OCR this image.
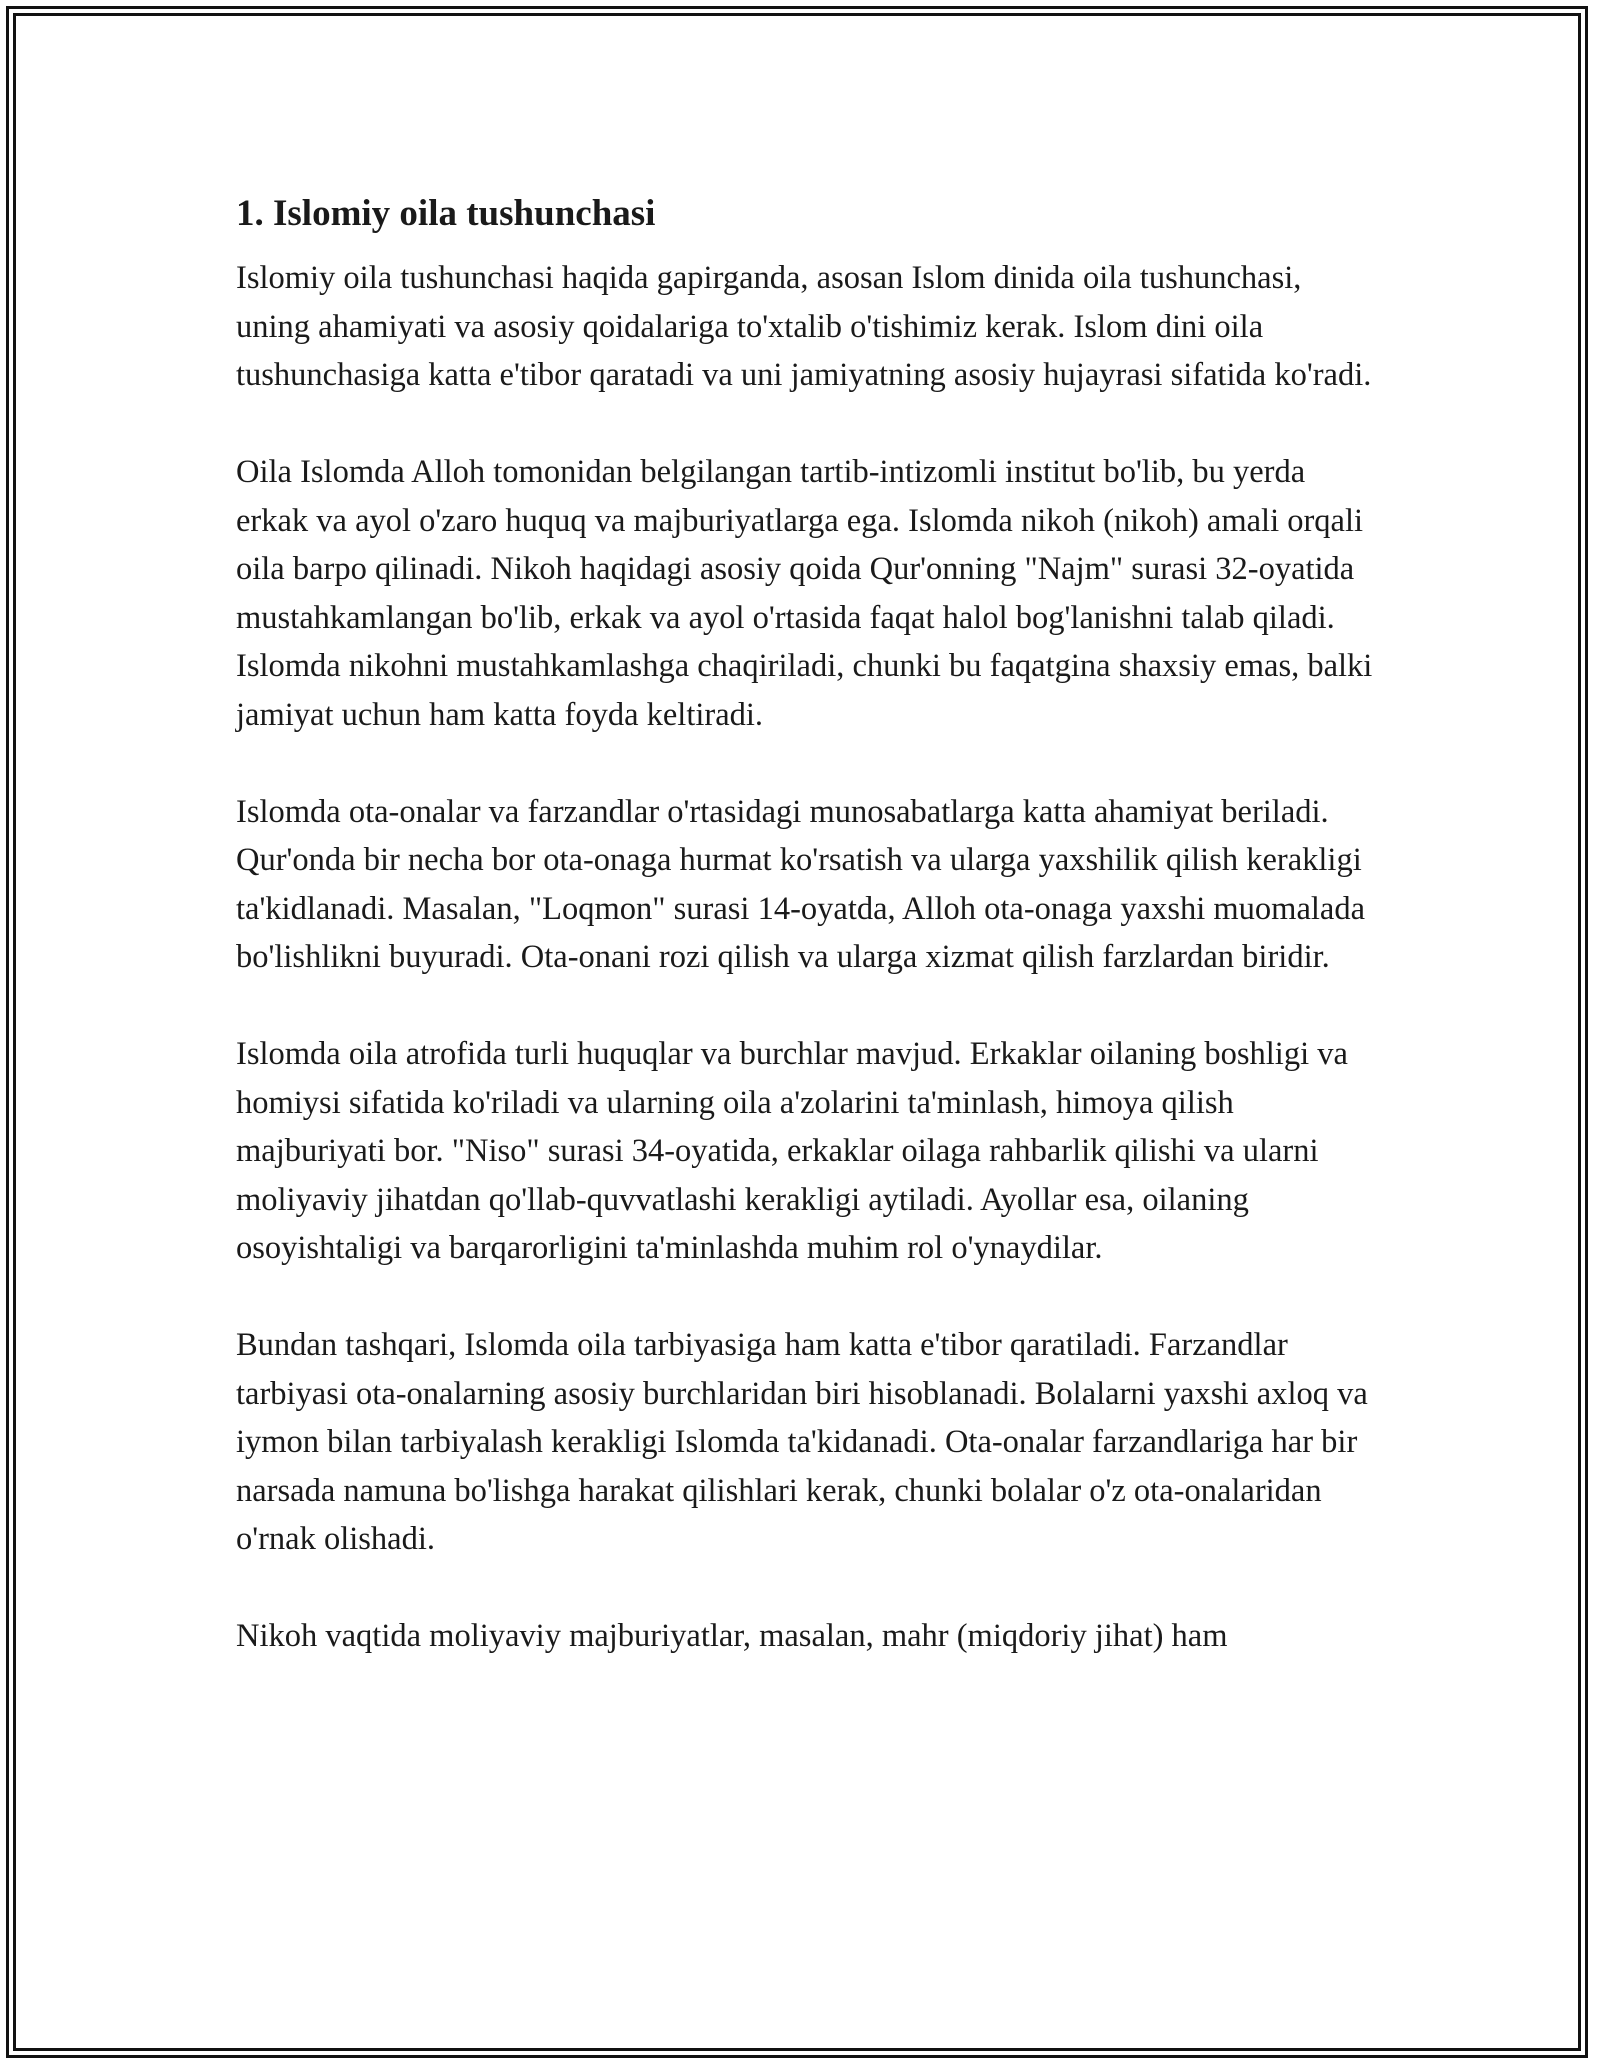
1. Islomiy oila tushunchasi

Islomiy oila tushunchasi haqida gapirganda, asosan Islom dinida oila tushunchasi, uning ahamiyati va asosiy qoidalariga to'xtalib o'tishimiz kerak. Islom dini oila tushunchasiga katta e'tibor qaratadi va uni jamiyatning asosiy hujayrasi sifatida ko'radi.

Oila Islomda Alloh tomonidan belgilangan tartib-intizomli institut bo'lib, bu yerda erkak va ayol o'zaro huquq va majburiyatlarga ega. Islomda nikoh (nikoh) amali orqali oila barpo qilinadi. Nikoh haqidagi asosiy qoida Qur'onning "Najm" surasi 32-oyatida mustahkamlangan bo'lib, erkak va ayol o'rtasida faqat halol bog'lanishni talab qiladi. Islomda nikohni mustahkamlashga chaqiriladi, chunki bu faqatgina shaxsiy emas, balki jamiyat uchun ham katta foyda keltiradi.

Islomda ota-onalar va farzandlar o'rtasidagi munosabatlarga katta ahamiyat beriladi. Qur'onda bir necha bor ota-onaga hurmat ko'rsatish va ularga yaxshilik qilish kerakligi ta'kidlanadi. Masalan, "Loqmon" surasi 14-oyatda, Alloh ota-onaga yaxshi muomalada bo'lishlikni buyuradi. Ota-onani rozi qilish va ularga xizmat qilish farzlardan biridir.

Islomda oila atrofida turli huquqlar va burchlar mavjud. Erkaklar oilaning boshligi va homiysi sifatida ko'riladi va ularning oila a'zolarini ta'minlash, himoya qilish majburiyati bor. "Niso" surasi 34-oyatida, erkaklar oilaga rahbarlik qilishi va ularni moliyaviy jihatdan qo'llab-quvvatlashi kerakligi aytiladi. Ayollar esa, oilaning osoyishtaligi va barqarorligini ta'minlashda muhim rol o'ynaydilar.

Bundan tashqari, Islomda oila tarbiyasiga ham katta e'tibor qaratiladi. Farzandlar tarbiyasi ota-onalarning asosiy burchlaridan biri hisoblanadi. Bolalarni yaxshi axloq va iymon bilan tarbiyalash kerakligi Islomda ta'kidanadi. Ota-onalar farzandlariga har bir narsada namuna bo'lishga harakat qilishlari kerak, chunki bolalar o'z ota-onalaridan o'rnak olishadi.

Nikoh vaqtida moliyaviy majburiyatlar, masalan, mahr (miqdoriy jihat) ham
